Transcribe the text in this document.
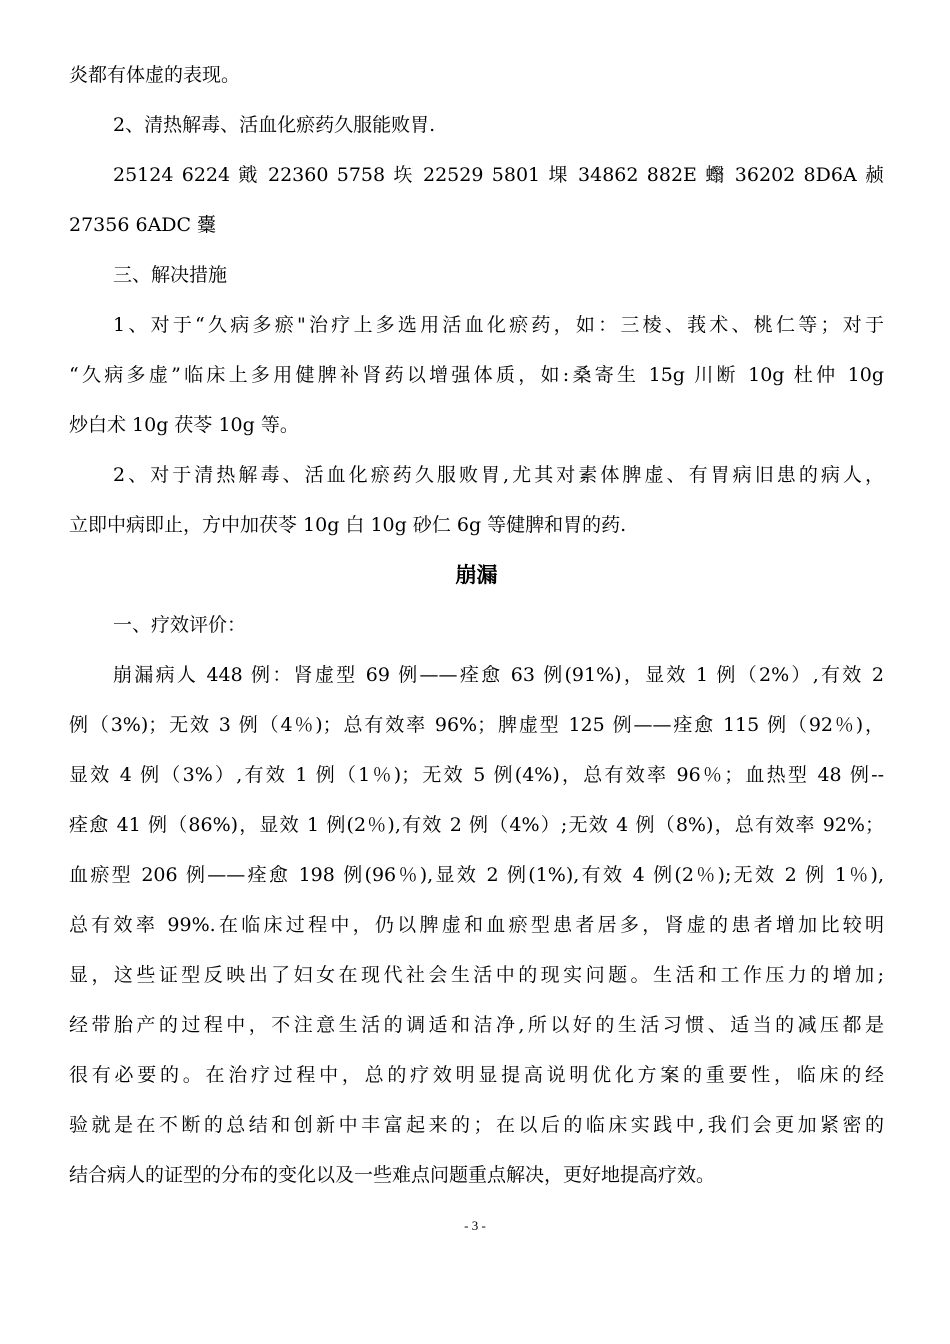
炎都有体虚的表现。
2、清热解毒、活血化瘀药久服能败胃.
25124 6224 戭 22360 5758 垁 22529 5801 堁 34862 882E 蠮 36202 8D6A 赪
27356 6ADC 櫜
三、解决措施
1、对于“久病多瘀"治疗上多选用活血化瘀药，如：三棱、莪术、桃仁等；对于
“久病多虚”临床上多用健脾补肾药以增强体质，如:桑寄生 15g 川断 10g 杜仲 10g
炒白术 10g 茯苓 10g 等。
2、对于清热解毒、活血化瘀药久服败胃,尤其对素体脾虚、有胃病旧患的病人，
立即中病即止，方中加茯苓 10g 白 10g 砂仁 6g 等健脾和胃的药.
崩漏
一、疗效评价：
崩漏病人 448 例：肾虚型 69 例——痊愈 63 例(91%)，显效 1 例（2%）,有效 2
例（3%)；无效 3 例（4％)；总有效率 96%；脾虚型 125 例——痊愈 115 例（92％)，
显效 4 例（3%）,有效 1 例（1％)；无效 5 例(4%)，总有效率 96％；血热型 48 例--
痊愈 41 例（86%)，显效 1 例(2％),有效 2 例（4%）;无效 4 例（8%)，总有效率 92%；
血瘀型 206 例——痊愈 198 例(96％),显效 2 例(1%),有效 4 例(2％);无效 2 例 1％),
总有效率 99%.在临床过程中，仍以脾虚和血瘀型患者居多，肾虚的患者增加比较明
显，这些证型反映出了妇女在现代社会生活中的现实问题。生活和工作压力的增加;
经带胎产的过程中，不注意生活的调适和洁净,所以好的生活习惯、适当的减压都是
很有必要的。在治疗过程中，总的疗效明显提高说明优化方案的重要性，临床的经
验就是在不断的总结和创新中丰富起来的；在以后的临床实践中,我们会更加紧密的
结合病人的证型的分布的变化以及一些难点问题重点解决，更好地提高疗效。
- 3 -
